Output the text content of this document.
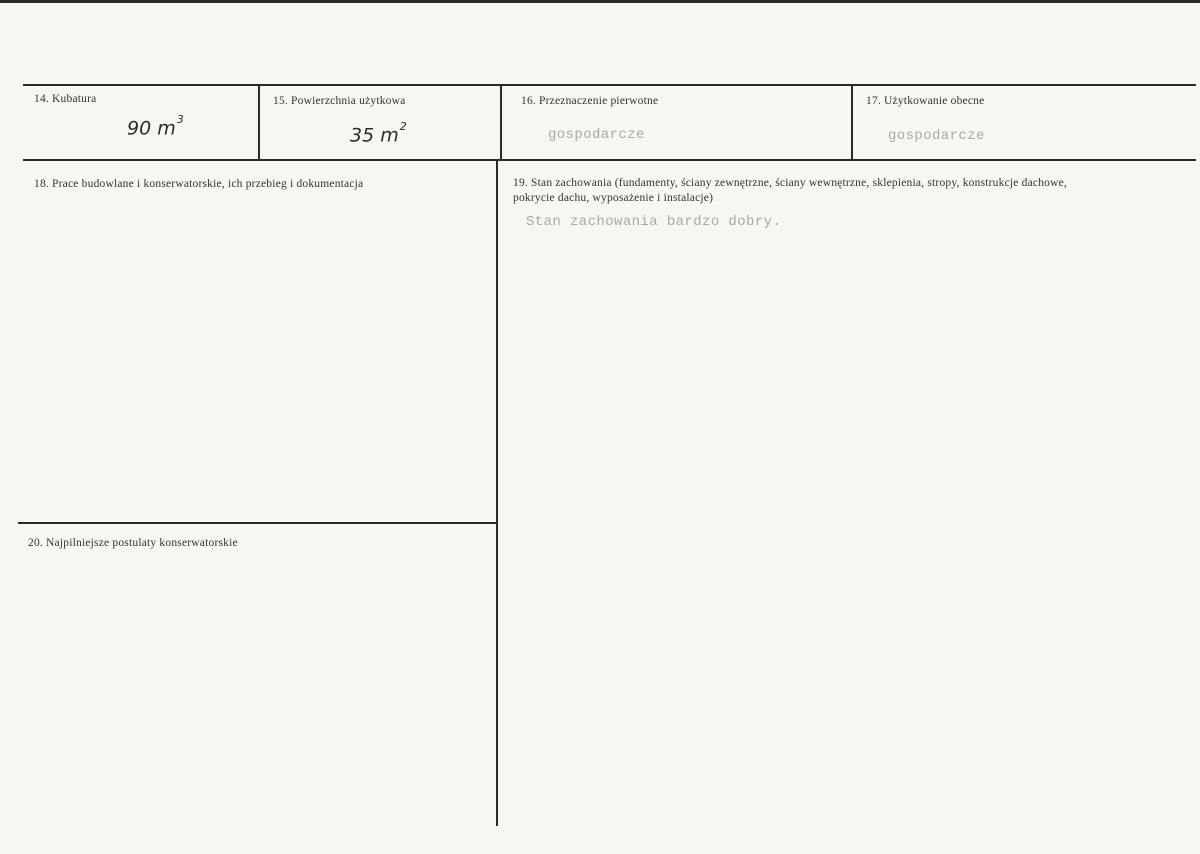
14. Kubatura
90 $m^3$
15. Powierzchnia użytkowa
35 $m^2$
16. Przeznaczenie pierwotne
gospodarcze
17. Użytkowanie obecne
gospodarcze
18. Prace budowlane i konserwatorskie, ich przebieg i dokumentacja	19. Stan zachowania (fundamenty, ściany zewnętrzne, ściany wewnętrzne, sklepienia, stropy, konstrukcje dachowe, pokrycie dachu, wyposażenie i instalacje)
Stan zachowania bardzo dobry.
20. Najpilniejsze postulaty konserwatorskie
